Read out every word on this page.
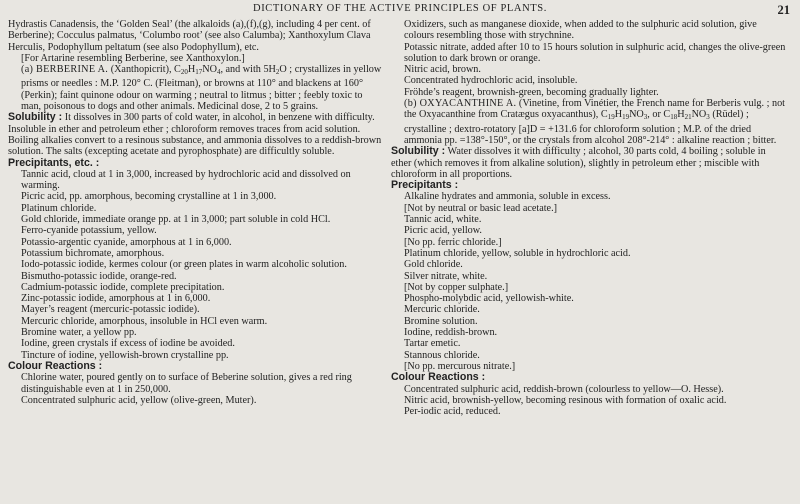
DICTIONARY OF THE ACTIVE PRINCIPLES OF PLANTS.	21

Hydrastis Canadensis, the ‘Golden Seal’ (the alkaloids (a),(f),(g), including 4 per cent. of Berberine); Cocculus palmatus, ‘Columbo root’ (see also Calumba); Xanthoxylum Clava Herculis, Podophyllum peltatum (see also Podophyllum), etc.

[For Artarine resembling Berberine, see Xanthoxylon.]

(a) BERBERINE A. (Xanthopicrit), $C_{20}H_{17}NO_4$, and with $5H_2O$ ; crystallizes in yellow prisms or needles : M.P. 120° C. (Fleitman), or browns at 110° and blackens at 160° (Perkin); faint quinone odour on warming ; neutral to litmus ; bitter ; feebly toxic to man, poisonous to dogs and other animals. Medicinal dose, 2 to 5 grains.

Solubility : It dissolves in 300 parts of cold water, in alcohol, in benzene with difficulty. Insoluble in ether and petroleum ether ; chloroform removes traces from acid solution. Boiling alkalies convert to a resinous substance, and ammonia dissolves to a reddish-brown solution. The salts (excepting acetate and pyrophosphate) are difficultly soluble.

Precipitants, etc. :

Tannic acid, cloud at 1 in 3,000, increased by hydrochloric acid and dissolved on warming.

Picric acid, pp. amorphous, becoming crystalline at 1 in 3,000.

Platinum chloride.

Gold chloride, immediate orange pp. at 1 in 3,000; part soluble in cold HCl.

Ferro-cyanide potassium, yellow.

Potassio-argentic cyanide, amorphous at 1 in 6,000.

Potassium bichromate, amorphous.

Iodo-potassic iodide, kermes colour (or green plates in warm alcoholic solution.

Bismutho-potassic iodide, orange-red.

Cadmium-potassic iodide, complete precipitation.

Zinc-potassic iodide, amorphous at 1 in 6,000.

Mayer’s reagent (mercuric-potassic iodide).

Mercuric chloride, amorphous, insoluble in HCl even warm.

Bromine water, a yellow pp.

Iodine, green crystals if excess of iodine be avoided.

Tincture of iodine, yellowish-brown crystalline pp.

Colour Reactions :

Chlorine water, poured gently on to surface of Beberine solution, gives a red ring distinguishable even at 1 in 250,000.

Concentrated sulphuric acid, yellow (olive-green, Muter).

Oxidizers, such as manganese dioxide, when added to the sulphuric acid solution, give colours resembling those with strychnine.

Potassic nitrate, added after 10 to 15 hours solution in sulphuric acid, changes the olive-green solution to dark brown or orange.

Nitric acid, brown.

Concentrated hydrochloric acid, insoluble.

Fröhde’s reagent, brownish-green, becoming gradually lighter.

(b) OXYACANTHINE A. (Vinetine, from Vinétier, the French name for Berberis vulg. ; not the Oxyacanthine from Cratægus oxyacanthus), $C_{19}H_{19}NO_3$, or $C_{18}H_{21}NO_3$ (Rüdel) ; crystalline ; dextro-rotatory [a]D = +131.6 for chloroform solution ; M.P. of the dried ammonia pp. =138°-150°, or the crystals from alcohol 208°-214° : alkaline reaction ; bitter.

Solubility : Water dissolves it with difficulty ; alcohol, 30 parts cold, 4 boiling ; soluble in ether (which removes it from alkaline solution), slightly in petroleum ether ; miscible with chloroform in all proportions.

Precipitants :

Alkaline hydrates and ammonia, soluble in excess.

[Not by neutral or basic lead acetate.]

Tannic acid, white.

Picric acid, yellow.

[No pp. ferric chloride.]

Platinum chloride, yellow, soluble in hydrochloric acid.

Gold chloride.

Silver nitrate, white.

[Not by copper sulphate.]

Phospho-molybdic acid, yellowish-white.

Mercuric chloride.

Bromine solution.

Iodine, reddish-brown.

Tartar emetic.

Stannous chloride.

[No pp. mercurous nitrate.]

Colour Reactions :

Concentrated sulphuric acid, reddish-brown (colourless to yellow—O. Hesse).

Nitric acid, brownish-yellow, becoming resinous with formation of oxalic acid.

Per-iodic acid, reduced.
